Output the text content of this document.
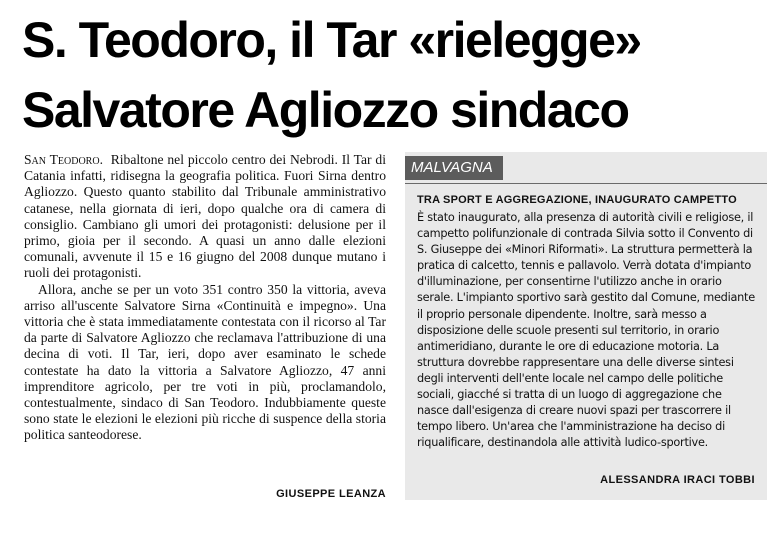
S. Teodoro, il Tar «rielegge»
Salvatore Agliozzo sindaco

San Teodoro. Ribaltone nel piccolo centro dei Nebrodi. Il Tar di Catania infatti, ridisegna la geografia politica. Fuori Sirna dentro Agliozzo. Questo quanto stabilito dal Tribunale amministrativo catanese, nella giornata di ieri, dopo qualche ora di camera di consiglio. Cambiano gli umori dei protagonisti: delusione per il primo, gioia per il secondo. A quasi un anno dalle elezioni comunali, avvenute il 15 e 16 giugno del 2008 dunque mutano i ruoli dei protagonisti.

Allora, anche se per un voto 351 contro 350 la vittoria, aveva arriso all'uscente Salvatore Sirna «Continuità e impegno». Una vittoria che è stata immediatamente contestata con il ricorso al Tar da parte di Salvatore Agliozzo che reclamava l'attribuzione di una decina di voti. Il Tar, ieri, dopo aver esaminato le schede contestate ha dato la vittoria a Salvatore Agliozzo, 47 anni imprenditore agricolo, per tre voti in più, proclamandolo, contestualmente, sindaco di San Teodoro. Indubbiamente queste sono state le elezioni le elezioni più ricche di suspence della storia politica santeodorese.

GIUSEPPE LEANZA
MALVAGNA
TRA SPORT E AGGREGAZIONE, INAUGURATO CAMPETTO
È stato inaugurato, alla presenza di autorità civili e religiose, il campetto polifunzionale di contrada Silvia sotto il Convento di S. Giuseppe dei «Minori Riformati». La struttura permetterà la pratica di calcetto, tennis e pallavolo. Verrà dotata d'impianto d'illuminazione, per consentirne l'utilizzo anche in orario serale. L'impianto sportivo sarà gestito dal Comune, mediante il proprio personale dipendente. Inoltre, sarà messo a disposizione delle scuole presenti sul territorio, in orario antimeridiano, durante le ore di educazione motoria. La struttura dovrebbe rappresentare una delle diverse sintesi degli interventi dell'ente locale nel campo delle politiche sociali, giacché si tratta di un luogo di aggregazione che nasce dall'esigenza di creare nuovi spazi per trascorrere il tempo libero. Un'area che l'amministrazione ha deciso di riqualificare, destinandola alle attività ludico-sportive.
ALESSANDRA IRACI TOBBI
